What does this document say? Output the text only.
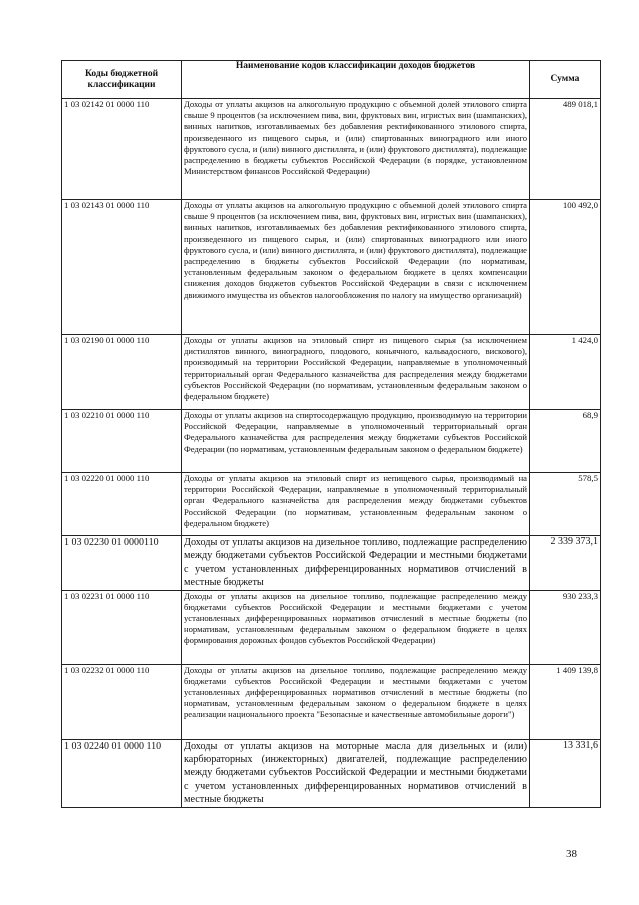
Коды бюджетной классификации	Наименование кодов классификации доходов бюджетов	Сумма
1 03 02142 01 0000 110	Доходы от уплаты акцизов на алкогольную продукцию с объемной долей этилового спирта свыше 9 процентов (за исключением пива, вин, фруктовых вин, игристых вин (шампанских), винных напитков, изготавливаемых без добавления ректификованного этилового спирта, произведенного из пищевого сырья, и (или) спиртованных виноградного или иного фруктового сусла, и (или) винного дистиллята, и (или) фруктового дистиллята), подлежащие распределению в бюджеты субъектов Российской Федерации (в порядке, установленном Министерством финансов Российской Федерации)	489 018,1
1 03 02143 01 0000 110	Доходы от уплаты акцизов на алкогольную продукцию с объемной долей этилового спирта свыше 9 процентов (за исключением пива, вин, фруктовых вин, игристых вин (шампанских), винных напитков, изготавливаемых без добавления ректификованного этилового спирта, произведенного из пищевого сырья, и (или) спиртованных виноградного или иного фруктового сусла, и (или) винного дистиллята, и (или) фруктового дистиллята), подлежащие распределению в бюджеты субъектов Российской Федерации (по нормативам, установленным федеральным законом о федеральном бюджете в целях компенсации снижения доходов бюджетов субъектов Российской Федерации в связи с исключением движимого имущества из объектов налогообложения по налогу на имущество организаций)	100 492,0
1 03 02190 01 0000 110	Доходы от уплаты акцизов на этиловый спирт из пищевого сырья (за исключением дистиллятов винного, виноградного, плодового, коньячного, кальвадосного, вискового), производимый на территории Российской Федерации, направляемые в уполномоченный территориальный орган Федерального казначейства для распределения между бюджетами субъектов Российской Федерации (по нормативам, установленным федеральным законом о федеральном бюджете)	1 424,0
1 03 02210 01 0000 110	Доходы от уплаты акцизов на спиртосодержащую продукцию, производимую на территории Российской Федерации, направляемые в уполномоченный территориальный орган Федерального казначейства для распределения между бюджетами субъектов Российской Федерации (по нормативам, установленным федеральным законом о федеральном бюджете)	68,9
1 03 02220 01 0000 110	Доходы от уплаты акцизов на этиловый спирт из непищевого сырья, производимый на территории Российской Федерации, направляемые в уполномоченный территориальный орган Федерального казначейства для распределения между бюджетами субъектов Российской Федерации (по нормативам, установленным федеральным законом о федеральном бюджете)	578,5
1 03 02230 01 0000110	Доходы от уплаты акцизов на дизельное топливо, подлежащие распределению между бюджетами субъектов Российской Федерации и местными бюджетами с учетом установленных дифференцированных нормативов отчислений в местные бюджеты	2 339 373,1
1 03 02231 01 0000 110	Доходы от уплаты акцизов на дизельное топливо, подлежащие распределению между бюджетами субъектов Российской Федерации и местными бюджетами с учетом установленных дифференцированных нормативов отчислений в местные бюджеты (по нормативам, установленным федеральным законом о федеральном бюджете в целях формирования дорожных фондов субъектов Российской Федерации)	930 233,3
1 03 02232 01 0000 110	Доходы от уплаты акцизов на дизельное топливо, подлежащие распределению между бюджетами субъектов Российской Федерации и местными бюджетами с учетом установленных дифференцированных нормативов отчислений в местные бюджеты (по нормативам, установленным федеральным законом о федеральном бюджете в целях реализации национального проекта "Безопасные и качественные автомобильные дороги")	1 409 139,8
1 03 02240 01 0000 110	Доходы от уплаты акцизов на моторные масла для дизельных и (или) карбюраторных (инжекторных) двигателей, подлежащие распределению между бюджетами субъектов Российской Федерации и местными бюджетами с учетом установленных дифференцированных нормативов отчислений в местные бюджеты	13 331,6
38
